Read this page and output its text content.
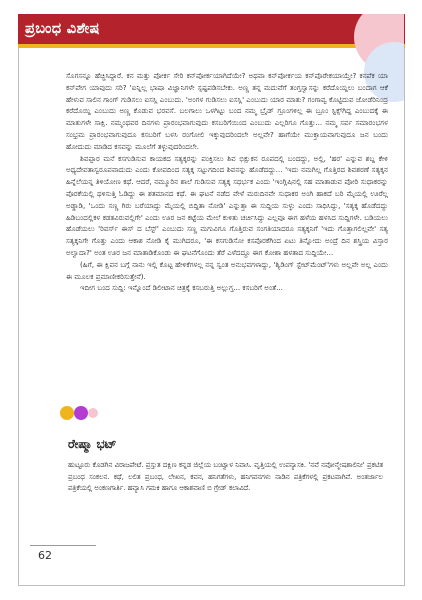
ಪ್ರಬಂಧ ವಿಶೇಷ

ಸೊಗಸನ್ನೂ ಹೆಚ್ಚಿಸಿದ್ದಾರೆ. ಕನ ಮತ್ತು ಪೋರ್ಕ ಸೇರಿ ಕನ್‌ಪೋರ್ಕಯಾಗಿದೆಯೇ? ಅಥವಾ ಕನ್‌ಪೋರ್ಕಯ ಕನ್‌ಪೊರೇಕಯಾಯ್ತೇ? ಕನ‌ಪೆಕ ಯಾ ಕನ್‌ಪೇಗ ಯಾವುದು ಸರಿ? 'ಐನ್ನಿಲ್ಲ ಭಾಷಾ ವಿಜ್ಞಾನಿಗಳೇ ಸ್ಪಷ್ಟಪಡಿಸಬೇಕು. ಅಣ್ಣ ತನ್ನ ಮದುವೆಗೆ ತಂಗ್ತಸ್ವಾಸನ್ನು ಕರೆದೊಯ್ದಲು ಬಂದಾಗ ಆಕೆ ಹೇಳುವ ಸಾಲಿನ ಗಾಂಗ್ ಗುಡಿಸಲು ಐಸಸ್ಲಿ ಎಂಬುದು. 'ಅಂಗಳ ಗುಡಿಸಲು ಐಸಸ್ಲಿ' ಎಂಬುದು ಯಾರ ಮಾತು? ಗಂಗಾವ್ವ ಕೊಟ್ಟಿದುವ ಜೋಡೆರಿನಿಂದ್ರ ಕರೆದೊಯ್ದಿ ಎಂಬುದು ಅಣ್ಣ ಕೊಡುವ ಭರವಸೆ. ಬಲಗಾಲು ಒಳಗಿಟ್ಟು ಬಂದ ನಮ್ಮ ಬ್ರೈಡ್ ಗ್ರೂಂಗಳಿಲ್ಲ ಈ ಬ್ರೂಂ ಸ್ಟಿಕ್ಸ್‌ಗಿದ್ದ ಎಂಬುದಕ್ಕೆ ಈ ಮಾತುಗಳೇ ಸಾಕ್ಷಿ. ನಮ್ಮಂಥವರ ದಿನಗಳು ಪ್ರಾರಂಭವಾಗುವುದು ಕಸಬರಿಗೆಯಿಂದ ಎಂಬುದು ಎಲ್ಲರಿಗೂ ಗೊತ್ತು... ನಮ್ಮ ಸರ್ವ ಸಮಾರಂಭಗಳ ಸಂಭ್ರಮ ಪ್ರಾರಂಭವಾಗುವುದೂ ಕಸಬರಿಗೆ ಬಳಸಿ ರಂಗೋಲಿ ಇಕ್ಕುವುದರಿಂದಲೇ ಅಲ್ಲವೇ? ಹಾಗೆಯೇ ಮುಕ್ತಾಯವಾಗುವುದೂ ಜನ ಬಂದು ಹೋದುದು ಮಾಡಿದ ಕಸವನ್ನು ಮೂಲೆಗೆ ತಳ್ಳುವುದರಿಂದಲೇ.

ಶಿವಪ್ಪಾರ ಮನೆ ಕಸಗುಡಿಸುವ ಕಾಯಕದ ಸತ್ಯಕ್ಕರನ್ನು ಪಂಕ್ತಿಸಲು ಶಿವ ಭಿಕ್ಷುಕನ ರೂಪದಲ್ಲಿ ಬಂದದ್ದು, ಅಲ್ಲಿ, 'ಹರ' ಎನ್ನುವ ಶಬ್ದ ಕೇಳಿ ಅಧ್ಯದೇವತಾಸ್ವರೂಪವಾದುದು ಎಂದು ಕೋಪದಿಂದ ಸತ್ಯಕ್ಕ ಸಟ್ಟುಗದಿಂದ ಶಿವನನ್ನು ಹೊಡೆದದ್ದು... 'ಇದು ನಮಗಿಲ್ಲ ಗೊತ್ತಿರದ ಶಿವಶರಣೆ ಸತ್ಯಕ್ಕನ ಹಿನ್ನೆಲೆಯನ್ನ ತಿಳಿಯೋಣ ಕಥೆ. ಆದರೆ, ನಮ್ಮೂರಿನ ಶಾಲೆ ಗುಡಿಸುವ ಸತ್ಯಕ್ಕ ಸಧರ್ಭಕ ಎಂದು 'ಇಂಗ್ಲಿಷಿನಲ್ಲಿ ಸಹ ಮಾತಾಡುವ ಪೋರಿ ಸುಧಾಕರನ್ನು ಪೊರಕೆಯಲ್ಲಿ ಥಳಿಸುತ್ತಿ ಓಡಿದ್ದು ಈ ಶತಮಾನದ ಕಥೆ. ಈ ಘಟನೆ ನಡೆದ ವೇಳೆ ಮರುದಿನವೇ ಸುಧಾಕರ ಅಂಗಿ ಹಾಕದೆ ಬರಿ ಮೈಯಲ್ಲಿ ಊರೆಲ್ಲ ಅಡ್ಡಾಡಿ, 'ಒಂದು ಸಣ್ಣ ಗಿರು ಬರೆಯಾದ್ದು ಮೈಯಲ್ಲಿ ಬಿದ್ದಿತಾ ನೋಡಿ' ಎನ್ನುತ್ತಾ ಈ ಸುದ್ದಿಯ ಸುಳ್ಳು ಎಂದು ಸಾಧಿಸಿದ್ದು, 'ಸತ್ಯಕ್ಕ ಹೊಡೆದದ್ದು ಹಿಡಿಬಂದಲ್ಲಿಕಳ ಕಡತವಿರುವಲ್ಲಿಗೇ' ಎಂದು ಊರ ಜನ ಕಟ್ಟೆಯ ಮೇಲೆ ಕುಳಿತು ಚರ್ಚಿಸಿದ್ದು ಎಲ್ಲವೂ ಈಗ ಹಳೆಯ ಹಳಸಿದ ಸುದ್ದಿಗಳೇ. ಬಡಿಯಲು ಹೊಡೆಯಲು 'ರಿವರ್ಸ್ ಈಸ್ ದ ಬೆಸ್ಟ್' ಎಂಬುದು ಸಣ್ಣ ಮಗುವಿಗೂ ಗೊತ್ತಿರುವ ಸಂಗತಿಯಾದರೂ ಸತ್ಯಕ್ಕನಿಗೆ 'ಇದು ಗೊತ್ತಾಗಲಿಲ್ಲವೇ' ಸತ್ಯ ಸತ್ಯಕ್ಕನಿಗೇ ಗೊತ್ತು ಎಂದು ಆಕಾಶ ನೋಡಿ ಕೈ ಮುಗಿದರೂ, 'ಈ ಕಸಗುಡಿಸೋ ಕಸಪೊರಕೆಗಿಂದ ಏಟು ತಿನ್ನೋದು ಅಂದ್ರೆ ದಿನ ಶಸ್ತ್ರಿಯ ವಿಸ್ತಾರ ಅಲ್ವಾದಾ?' ಅಂತ ಊರ ಜನ ಮಾತಾಡಿಕೊಂಡು ಈ ಘಟನೆಗೊಂದು ತೆರೆ ಎಳೆದದ್ದೂ ಈಗ ಕೋಶಾ ಹಳತಾದ ಸುದ್ದಿಯೇ...

(ಹಿಗೆ, ಈ ಕ್ಷಿಪನ ಬಗ್ಗೆ ನಾನು ಇಲ್ಲಿ ಕೊಟ್ಟ ಹೇಳಿಕೆಗಳಲ್ಲ ನನ್ನ ಸ್ವಂತ ಅನುಭವಗಳಾದ್ದು, 'ಶ್ಯಿಡಿಂಗ್ ಸ್ಟೇಟ್‌ಮೆಂಟ್'ಗಳು ಅಲ್ಲವೇ ಅಲ್ಲ ಎಂದು ಈ ಮೂಲಕ ಪ್ರಮಾಣೀಕರಿಸುತ್ತೇನೆ).

ಇದೀಗ ಬಂದ ಸುದ್ದಿ: ಇನ್ನೊಂದೆ ಡಿಲೀಟಾನ ಚಿತ್ರಕ್ಕೆ ಕಸಬರುತ್ತಿ ಅಲ್ಲುಗ್ತ... ಕಸಬರಿಗೆ ಅಂತೆ...

ರೇಷ್ಮಾ ಭಟ್
ಹುಟ್ಟೂರು ಕೊಡಗಿನ ವಿರಾಜಪೇಟೆ. ಪ್ರಸ್ತುತ ದಕ್ಷಿಣ ಕನ್ನಡ ಜಿಲ್ಲೆಯ ಬಂಟ್ವಾಳ ನಿವಾಸಿ. ವೃತ್ತಿಯಲ್ಲಿ ಉಪನ್ಯಾಸಕಿ. 'ನವೆ ನವೋನ್ಮೇಷಶಾಲಿನೀ' ಪ್ರಕಟಿತ ಪ್ರಬಂಧ ಸಂಕಲನ. ಕಥೆ, ಲಲಿತ ಪ್ರಬಂಧ, ಲೇಖನ, ಕವನ, ಹನಿಗತೆಗಳು, ಹನಿಗವನಗಳು ನಾಡಿನ ಪತ್ರಿಕೆಗಳಲ್ಲಿ ಪ್ರಕಟವಾಗಿವೆ. ಅಂತರ್ಜಾಲ ಪತ್ರಿಕೆಯಲ್ಲಿ ಅಂಕಣಗಾರ್ತಿ. ಹವ್ಯಾಸಿ ಗಮಕಿ ಹಾಗೂ ಆಕಾಶವಾಣಿ ಬಿ ಗ್ರೇಡ್ ಕಲಾವಿದೆ.
62
